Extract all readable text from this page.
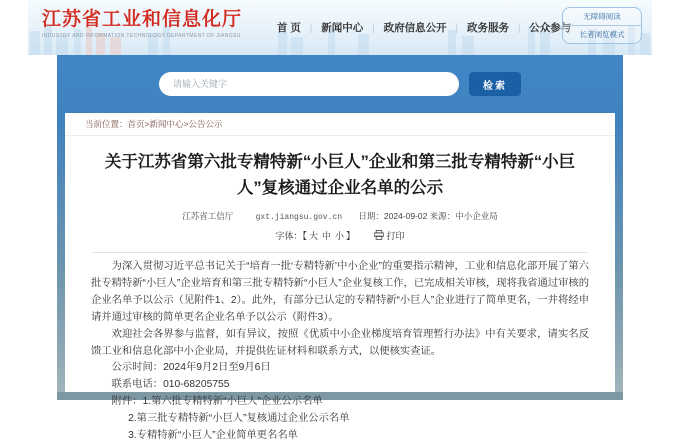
江苏省工业和信息化厅
INDUSTRY AND INFORMATION TECHNOLOGY DEPARTMENT OF JIANGSU
首 页	| 新闻中心	| 政府信息公开	| 政务服务	| 公众参与
无障碍阅读
长者浏览模式
请输入关键字
检索
当前位置： 首页 > 新闻中心 > 公告公示
关于江苏省第六批专精特新“小巨人”企业和第三批专精特新“小巨人”复核通过企业名单的公示
江苏省工信厅	gxt.jiangsu.gov.cn 日期：2024-09-02 来源：中小企业局
字体：【 大 中 小 】	打印

为深入贯彻习近平总书记关于“培育一批‘专精特新’中小企业”的重要指示精神，工业和信息化部开展了第六批专精特新“小巨人”企业培育和第三批专精特新“小巨人”企业复核工作，已完成相关审核，现将我省通过审核的企业名单予以公示（见附件1、2）。此外，有部分已认定的专精特新“小巨人”企业进行了简单更名，一并将经申请并通过审核的简单更名企业名单予以公示（附件3）。

欢迎社会各界参与监督，如有异议，按照《优质中小企业梯度培育管理暂行办法》中有关要求，请实名反馈工业和信息化部中小企业局，并提供佐证材料和联系方式，以便核实查证。

公示时间：2024年9月2日至9月6日

联系电话：010-68205755

附件：1.第六批专精特新“小巨人”企业公示名单

2.第三批专精特新“小巨人”复核通过企业公示名单

3.专精特新“小巨人”企业简单更名名单
